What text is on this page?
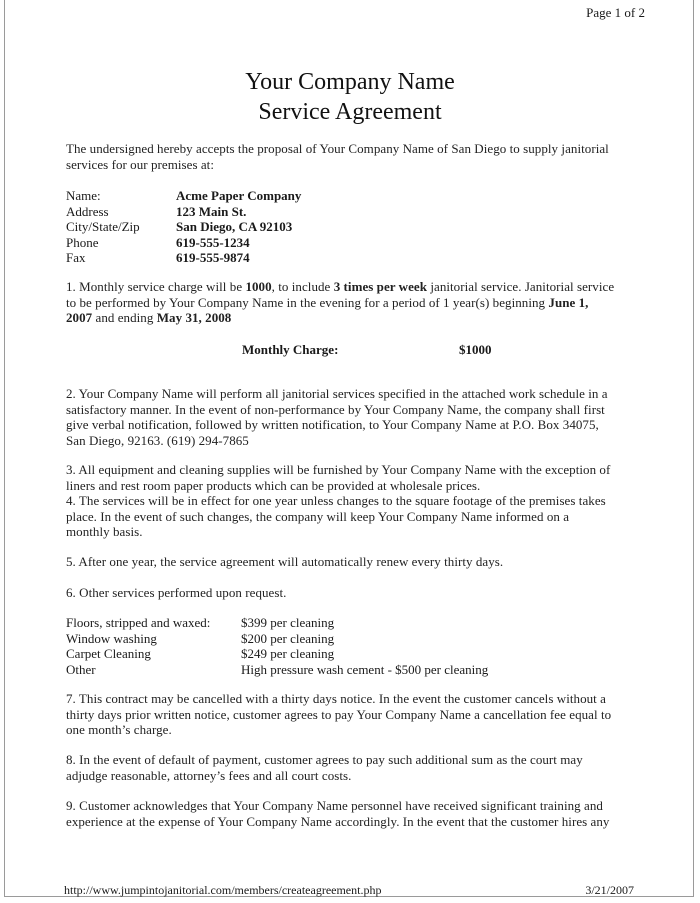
Page 1 of 2
Your Company Name
Service Agreement
The undersigned hereby accepts the proposal of Your Company Name of San Diego to supply janitorial
services for our premises at:
Name:	Acme Paper Company
Address	123 Main St.
City/State/Zip	San Diego, CA 92103
Phone	619-555-1234
Fax	619-555-9874
1. Monthly service charge will be 1000, to include 3 times per week janitorial service. Janitorial service
to be performed by Your Company Name in the evening for a period of 1 year(s) beginning June 1,
2007 and ending May 31, 2008
Monthly Charge:	$1000
2. Your Company Name will perform all janitorial services specified in the attached work schedule in a
satisfactory manner. In the event of non-performance by Your Company Name, the company shall first
give verbal notification, followed by written notification, to Your Company Name at P.O. Box 34075,
San Diego, 92163. (619) 294-7865
3. All equipment and cleaning supplies will be furnished by Your Company Name with the exception of
liners and rest room paper products which can be provided at wholesale prices.
4. The services will be in effect for one year unless changes to the square footage of the premises takes
place. In the event of such changes, the company will keep Your Company Name informed on a
monthly basis.
5. After one year, the service agreement will automatically renew every thirty days.
6. Other services performed upon request.
Floors, stripped and waxed: $399 per cleaning
Window washing	$200 per cleaning
Carpet Cleaning	$249 per cleaning
Other	High pressure wash cement - $500 per cleaning
7. This contract may be cancelled with a thirty days notice. In the event the customer cancels without a
thirty days prior written notice, customer agrees to pay Your Company Name a cancellation fee equal to
one month’s charge.
8. In the event of default of payment, customer agrees to pay such additional sum as the court may
adjudge reasonable, attorney’s fees and all court costs.
9. Customer acknowledges that Your Company Name personnel have received significant training and
experience at the expense of Your Company Name accordingly. In the event that the customer hires any
http://www.jumpintojanitorial.com/members/createagreement.php	3/21/2007
